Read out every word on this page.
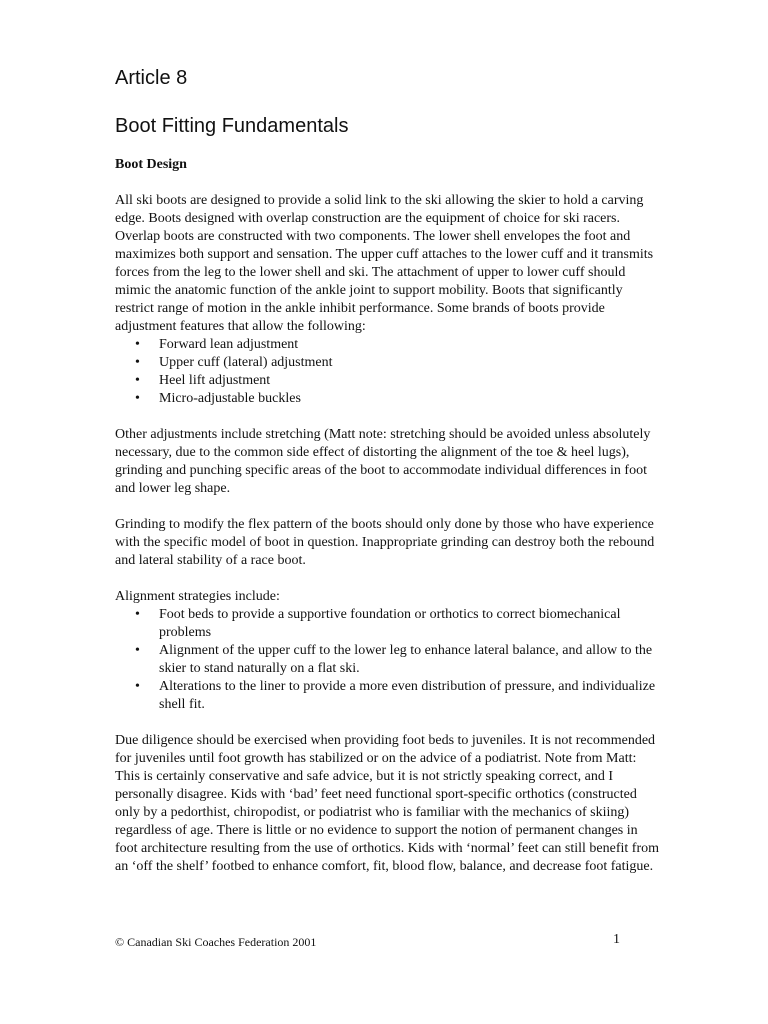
Article 8
Boot Fitting Fundamentals
Boot Design

All ski boots are designed to provide a solid link to the ski allowing the skier to hold a carving edge. Boots designed with overlap construction are the equipment of choice for ski racers. Overlap boots are constructed with two components. The lower shell envelopes the foot and maximizes both support and sensation. The upper cuff attaches to the lower cuff and it transmits forces from the leg to the lower shell and ski. The attachment of upper to lower cuff should mimic the anatomic function of the ankle joint to support mobility. Boots that significantly restrict range of motion in the ankle inhibit performance. Some brands of boots provide adjustment features that allow the following:

• Forward lean adjustment
• Upper cuff (lateral) adjustment
• Heel lift adjustment
• Micro-adjustable buckles

Other adjustments include stretching (Matt note: stretching should be avoided unless absolutely necessary, due to the common side effect of distorting the alignment of the toe & heel lugs), grinding and punching specific areas of the boot to accommodate individual differences in foot and lower leg shape.

Grinding to modify the flex pattern of the boots should only done by those who have experience with the specific model of boot in question. Inappropriate grinding can destroy both the rebound and lateral stability of a race boot.

Alignment strategies include:

• Foot beds to provide a supportive foundation or orthotics to correct biomechanical problems
• Alignment of the upper cuff to the lower leg to enhance lateral balance, and allow to the skier to stand naturally on a flat ski.
• Alterations to the liner to provide a more even distribution of pressure, and individualize shell fit.

Due diligence should be exercised when providing foot beds to juveniles. It is not recommended for juveniles until foot growth has stabilized or on the advice of a podiatrist. Note from Matt: This is certainly conservative and safe advice, but it is not strictly speaking correct, and I personally disagree. Kids with ‘bad’ feet need functional sport-specific orthotics (constructed only by a pedorthist, chiropodist, or podiatrist who is familiar with the mechanics of skiing) regardless of age. There is little or no evidence to support the notion of permanent changes in foot architecture resulting from the use of orthotics. Kids with ‘normal’ feet can still benefit from an ‘off the shelf’ footbed to enhance comfort, fit, blood flow, balance, and decrease foot fatigue.

© Canadian Ski Coaches Federation 2001	1
